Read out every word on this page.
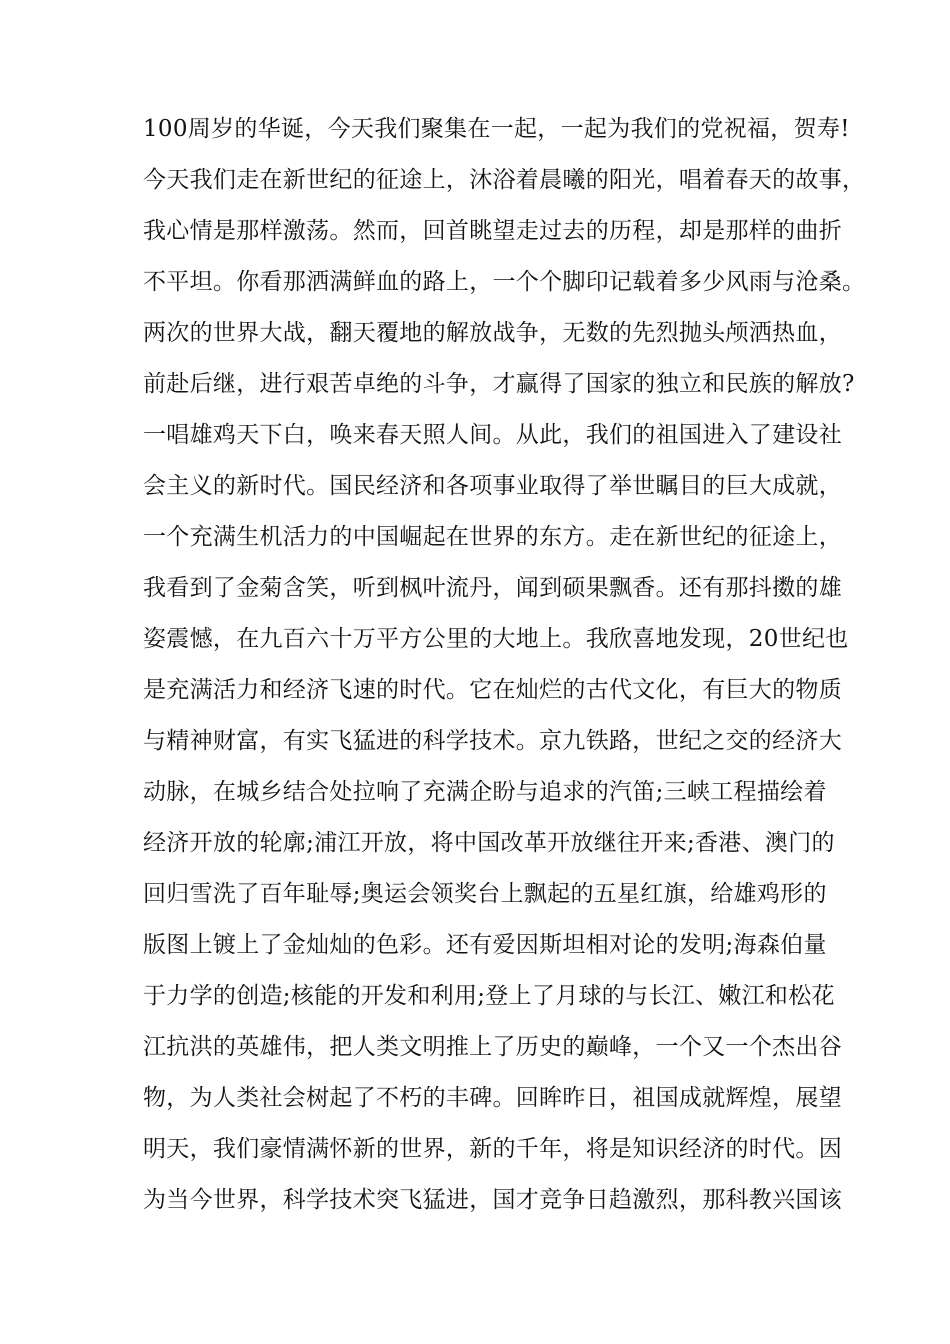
100周岁的华诞，今天我们聚集在一起，一起为我们的党祝福，贺寿!
今天我们走在新世纪的征途上，沐浴着晨曦的阳光，唱着春天的故事，
我心情是那样激荡。然而，回首眺望走过去的历程，却是那样的曲折
不平坦。你看那洒满鲜血的路上，一个个脚印记载着多少风雨与沧桑。
两次的世界大战，翻天覆地的解放战争，无数的先烈抛头颅洒热血，
前赴后继，进行艰苦卓绝的斗争，才赢得了国家的独立和民族的解放?
一唱雄鸡天下白，唤来春天照人间。从此，我们的祖国进入了建设社
会主义的新时代。国民经济和各项事业取得了举世瞩目的巨大成就，
一个充满生机活力的中国崛起在世界的东方。走在新世纪的征途上，
我看到了金菊含笑，听到枫叶流丹，闻到硕果飘香。还有那抖擞的雄
姿震憾，在九百六十万平方公里的大地上。我欣喜地发现，20世纪也
是充满活力和经济飞速的时代。它在灿烂的古代文化，有巨大的物质
与精神财富，有实飞猛进的科学技术。京九铁路，世纪之交的经济大
动脉，在城乡结合处拉响了充满企盼与追求的汽笛;三峡工程描绘着
经济开放的轮廓;浦江开放，将中国改革开放继往开来;香港、澳门的
回归雪洗了百年耻辱;奥运会领奖台上飘起的五星红旗，给雄鸡形的
版图上镀上了金灿灿的色彩。还有爱因斯坦相对论的发明;海森伯量
于力学的创造;核能的开发和利用;登上了月球的与长江、嫩江和松花
江抗洪的英雄伟，把人类文明推上了历史的巅峰，一个又一个杰出谷
物，为人类社会树起了不朽的丰碑。回眸昨日，祖国成就辉煌，展望
明天，我们豪情满怀新的世界，新的千年，将是知识经济的时代。因
为当今世界，科学技术突飞猛进，国才竞争日趋激烈，那科教兴国该
